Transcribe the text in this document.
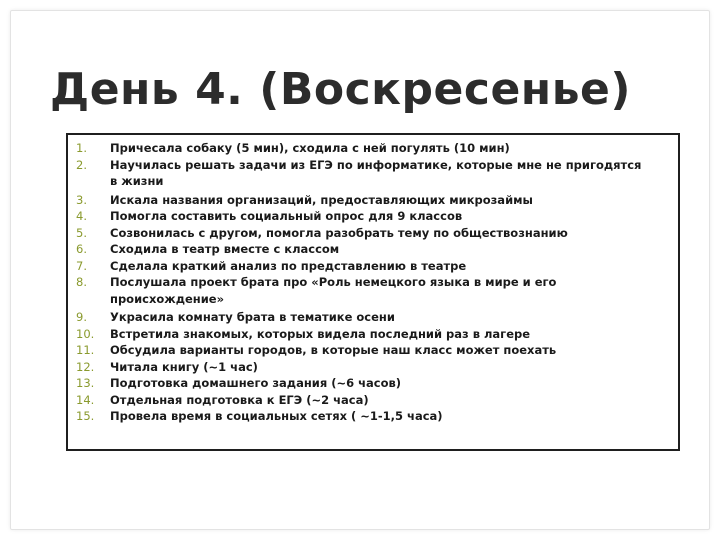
День 4. (Воскресенье)
1.	Причесала собаку (5 мин), сходила с ней погулять (10 мин)
2.	Научилась решать задачи из ЕГЭ по информатике, которые мне не пригодятся в жизни
3.	Искала названия организаций, предоставляющих микрозаймы
4.	Помогла составить социальный опрос для 9 классов
5.	Созвонилась с другом, помогла разобрать тему по обществознанию
6.	Сходила в театр вместе с классом
7.	Сделала краткий анализ по представлению в театре
8.	Послушала проект брата про «Роль немецкого языка в мире и его происхождение»
9.	Украсила комнату брата в тематике осени
10.	Встретила знакомых, которых видела последний раз в лагере
11.	Обсудила варианты городов, в которые наш класс может поехать
12.	Читала книгу (~1 час)
13.	Подготовка домашнего задания (~6 часов)
14.	Отдельная подготовка к ЕГЭ (~2 часа)
15.	Провела время в социальных сетях ( ~1-1,5 часа)
